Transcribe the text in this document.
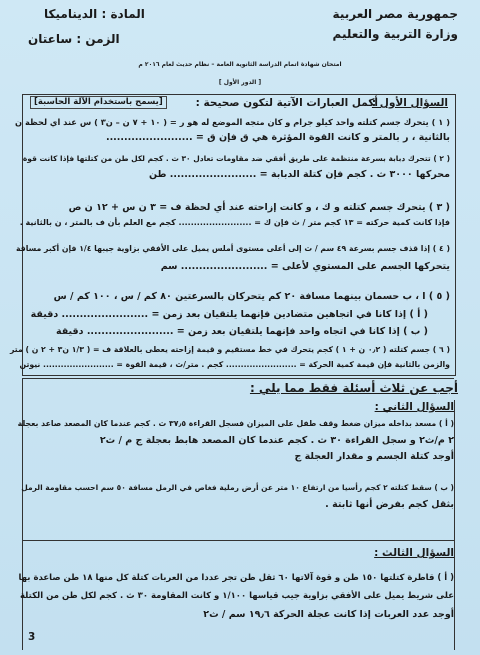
جمهورية مصر العربية
وزارة التربية والتعليم
المادة : الديناميكا
الزمن : ساعتان
امتحان شهادة اتمام الدراسة الثانوية العامة – نظام حديث لعام ٢٠١٦ م
[ الدور الأول ]
السؤال الأول :
أكمل العبارات الآتية لتكون صحيحة :
[يسمح باستخدام الآلة الحاسبة]
( ١ ) يتحرك جسم كتلته واحد كيلو جرام و كان متجه الموضع له هو ر = ( ١٠ + ٧ ن – ن٣ ) س عند اي لحظة ن
بالثانية ، ر بالمتر و كانت القوة المؤثرة هي ق فإن ق = ........................
( ٢ ) تتحرك دبابة بسرعة منتظمة على طريق أفقي ضد مقاومات تعادل ٣٠ ث . كجم لكل طن من كتلتها فإذا كانت قوة
محركها ٣٠٠٠ ث . كجم فإن كتلة الدبابة = ........................ طن
( ٣ ) يتحرك جسم كتلته و ك ، و كانت إزاحته عند أي لحظة ف = ٣ ن س + ١٢ ن ص
فإذا كانت كمية حركته = ١٣ كجم متر / ث فإن ك = ........................ كجم مع العلم بأن ف بالمتر ، ن بالثانية .
( ٤ ) إذا قذف جسم بسرعة ٤٩ سم / ث إلى أعلى مستوى أملس يميل على الأفقي بزاوية جيبها ١/٤ فإن أكبر مسافة
يتحركها الجسم على المستوي لأعلى = ........................ سم
( ٥ ) ا ، ب حسمان بينهما مسافة ٢٠ كم يتحركان بالسرعتين ٨٠ كم / س ، ١٠٠ كم / س
( أ ) إذا كانا في اتجاهين متضادين فإنهما يلتقيان بعد زمن = ........................ دقيقة
( ب ) إذا كانا في اتجاه واحد فإنهما يلتقيان بعد زمن = ........................ دقيقة
( ٦ ) جسم كتلته ( ٠٫٢ ن + ١ ) كجم يتحرك في خط مستقيم و قيمة إزاحته يعطى بالعلاقة ف = ( ١/٣ ن٣ + ٢ ن ) متر
والزمن بالثانية فإن قيمة كمية الحركة = ........................ كجم . متر/ث ، قيمة القوة = ........................ نيوتن
أجب عن ثلاث أسئلة فقط مما يلي :
السؤال الثاني :
( أ ) مسعد بداخله ميزان ضغط وقف طفل على الميزان فسجل القراءة ٣٧٫٥ ث . كجم عندما كان المصعد صاعد بعجلة
٢ م/ث٢ و سجل القراءة ٣٠ ث . كجم عندما كان المصعد هابط بعجلة ج م / ث٢
أوجد كتلة الجسم و مقدار العجلة ج
( ب ) سقط كتلته ٢ كجم رأسيا من ارتفاع ١٠ متر عن أرض رملية فغاص في الرمل مسافة ٥٠ سم احسب مقاومة الرمل
بثقل كجم بفرض أنها ثابتة .
السؤال الثالث :
( أ ) قاطرة كتلتها ١٥٠ طن و قوة آلاتها ٦٠ ثقل طن تجر عددا من العربات كتلة كل منها ١٨ طن صاعدة بها
على شريط يميل على الأفقي بزاوية جيب قياسها ١/١٠٠ و كانت المقاومة ٣٠ ث . كجم لكل طن من الكتلة
أوجد عدد العربات إذا كانت عجلة الحركة ١٩٫٦ سم / ث٢
3
